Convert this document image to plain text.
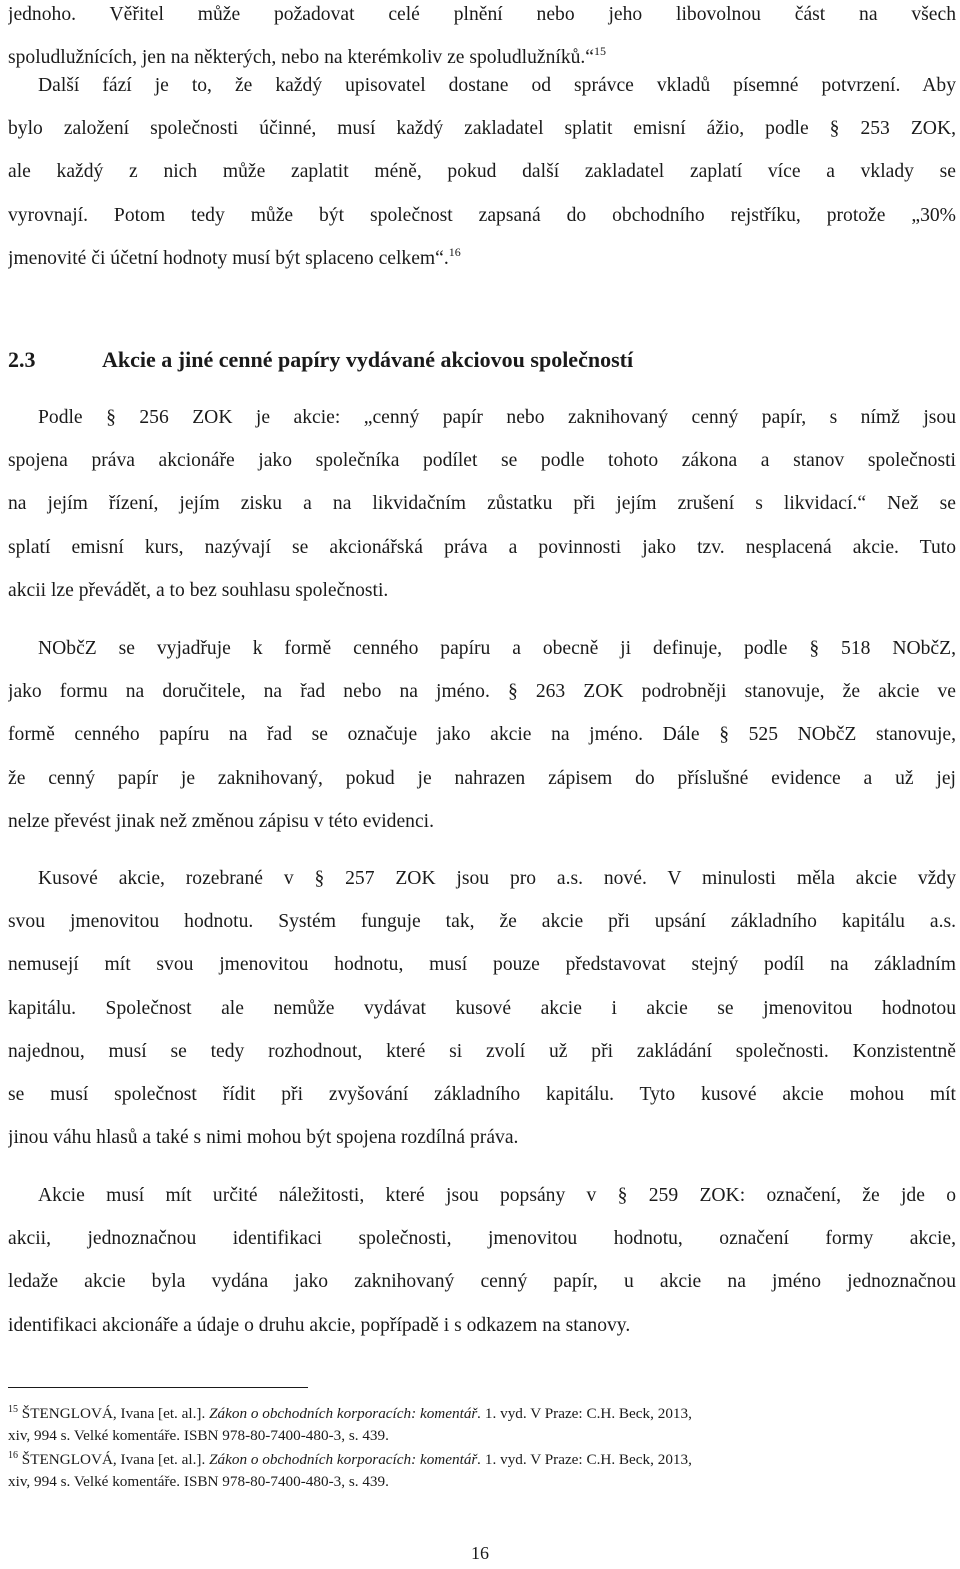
jednoho. Věřitel může požadovat celé plnění nebo jeho libovolnou část na všech
spoludlužnících, jen na některých, nebo na kterémkoliv ze spoludlužníků.“$^{15}$
Další fází je to, že každý upisovatel dostane od správce vkladů písemné potvrzení. Aby
bylo založení společnosti účinné, musí každý zakladatel splatit emisní ážio, podle § 253 ZOK,
ale každý z nich může zaplatit méně, pokud další zakladatel zaplatí více a vklady se
vyrovnají. Potom tedy může být společnost zapsaná do obchodního rejstříku, protože „30%
jmenovité či účetní hodnoty musí být splaceno celkem“.$^{16}$
2.3	Akcie a jiné cenné papíry vydávané akciovou společností
Podle § 256 ZOK je akcie: „cenný papír nebo zaknihovaný cenný papír, s nímž jsou
spojena práva akcionáře jako společníka podílet se podle tohoto zákona a stanov společnosti
na jejím řízení, jejím zisku a na likvidačním zůstatku při jejím zrušení s likvidací.“ Než se
splatí emisní kurs, nazývají se akcionářská práva a povinnosti jako tzv. nesplacená akcie. Tuto
akcii lze převádět, a to bez souhlasu společnosti.
NObčZ se vyjadřuje k formě cenného papíru a obecně ji definuje, podle § 518 NObčZ,
jako formu na doručitele, na řad nebo na jméno. § 263 ZOK podrobněji stanovuje, že akcie ve
formě cenného papíru na řad se označuje jako akcie na jméno. Dále § 525 NObčZ stanovuje,
že cenný papír je zaknihovaný, pokud je nahrazen zápisem do příslušné evidence a už jej
nelze převést jinak než změnou zápisu v této evidenci.
Kusové akcie, rozebrané v § 257 ZOK jsou pro a.s. nové. V minulosti měla akcie vždy
svou jmenovitou hodnotu. Systém funguje tak, že akcie při upsání základního kapitálu a.s.
nemusejí mít svou jmenovitou hodnotu, musí pouze představovat stejný podíl na základním
kapitálu. Společnost ale nemůže vydávat kusové akcie i akcie se jmenovitou hodnotou
najednou, musí se tedy rozhodnout, které si zvolí už při zakládání společnosti. Konzistentně
se musí společnost řídit při zvyšování základního kapitálu. Tyto kusové akcie mohou mít
jinou váhu hlasů a také s nimi mohou být spojena rozdílná práva.
Akcie musí mít určité náležitosti, které jsou popsány v § 259 ZOK: označení, že jde o
akcii, jednoznačnou identifikaci společnosti, jmenovitou hodnotu, označení formy akcie,
ledaže akcie byla vydána jako zaknihovaný cenný papír, u akcie na jméno jednoznačnou
identifikaci akcionáře a údaje o druhu akcie, popřípadě i s odkazem na stanovy.
$^{15}$ ŠTENGLOVÁ, Ivana [et. al.]. Zákon o obchodních korporacích: komentář. 1. vyd. V Praze: C.H. Beck, 2013,
xiv, 994 s. Velké komentáře. ISBN 978-80-7400-480-3, s. 439.
$^{16}$ ŠTENGLOVÁ, Ivana [et. al.]. Zákon o obchodních korporacích: komentář. 1. vyd. V Praze: C.H. Beck, 2013,
xiv, 994 s. Velké komentáře. ISBN 978-80-7400-480-3, s. 439.
16
